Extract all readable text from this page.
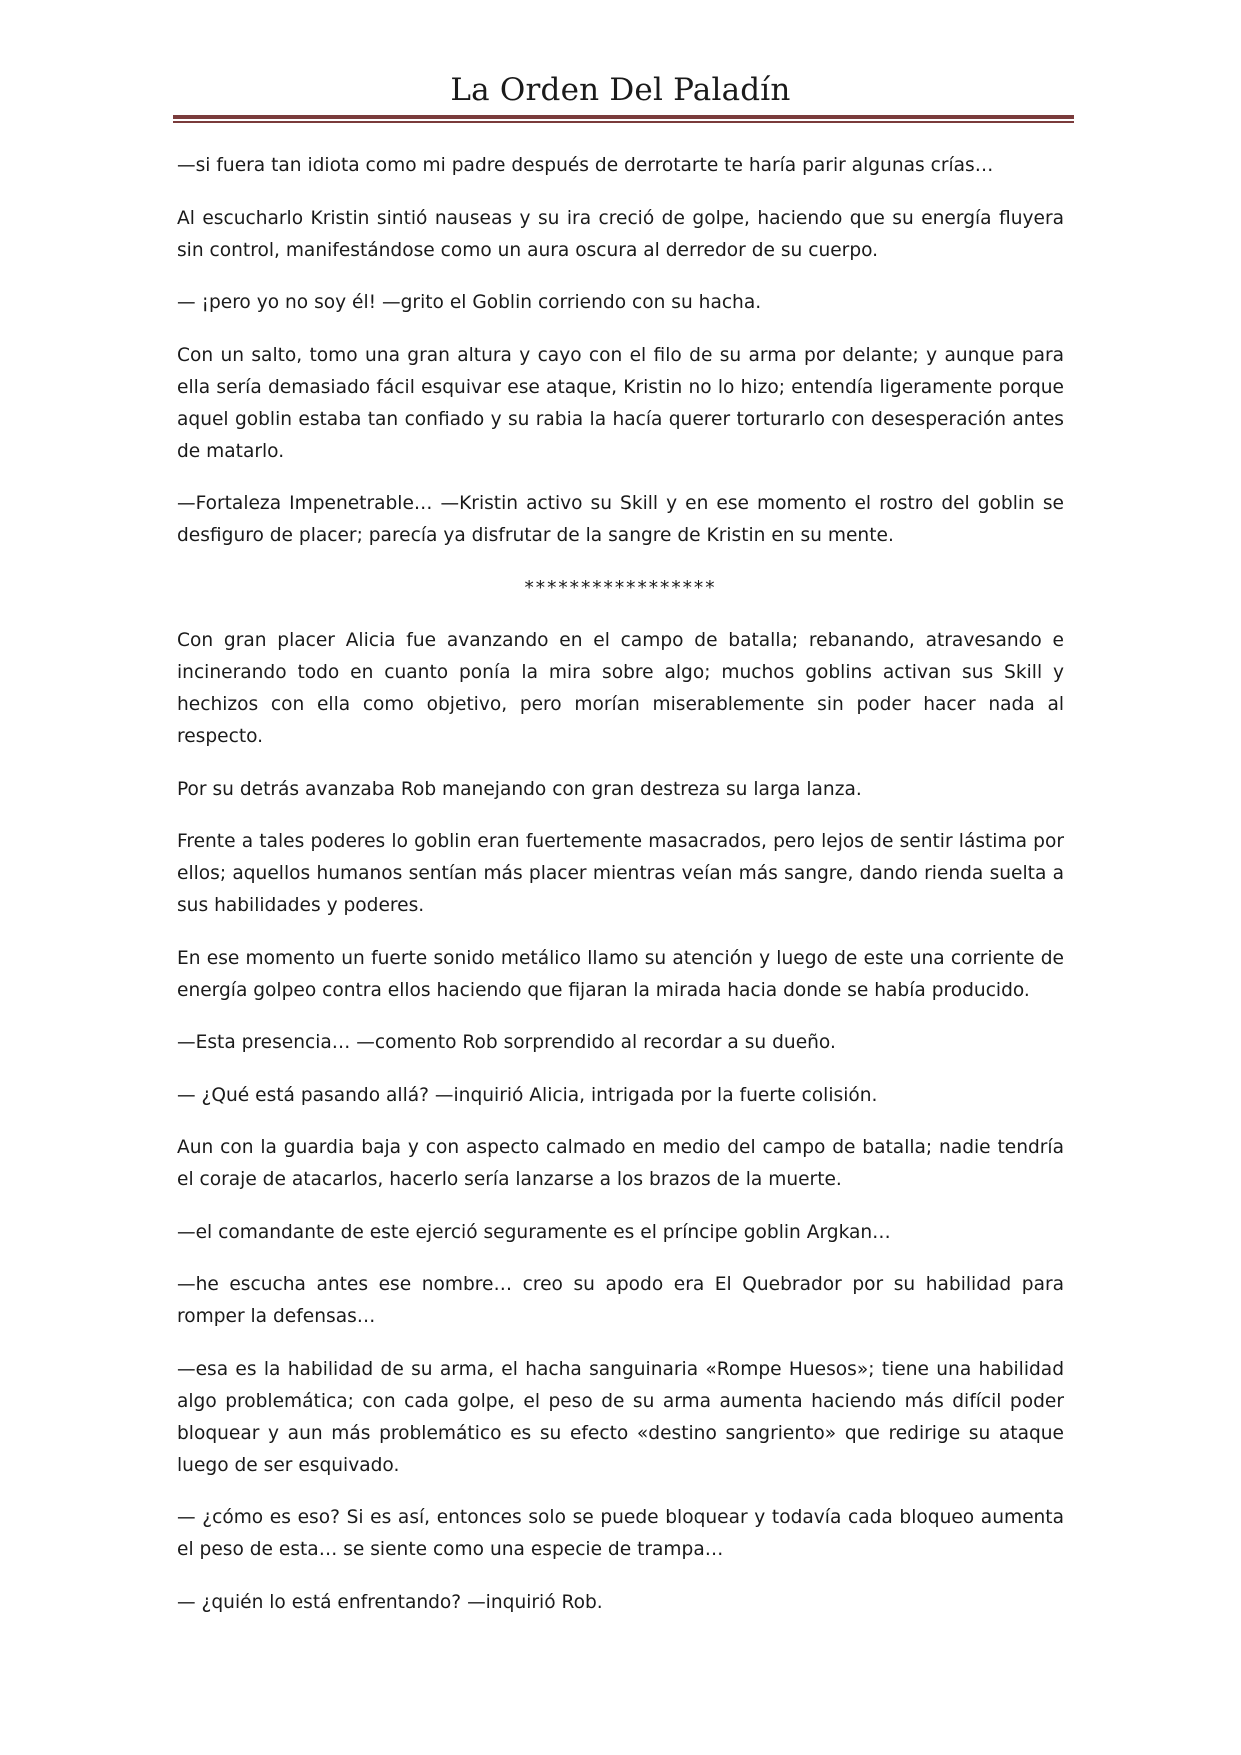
La Orden Del Paladín

—si fuera tan idiota como mi padre después de derrotarte te haría parir algunas crías…

Al escucharlo Kristin sintió nauseas y su ira creció de golpe, haciendo que su energía fluyera sin control, manifestándose como un aura oscura al derredor de su cuerpo.

— ¡pero yo no soy él! —grito el Goblin corriendo con su hacha.

Con un salto, tomo una gran altura y cayo con el filo de su arma por delante; y aunque para ella sería demasiado fácil esquivar ese ataque, Kristin no lo hizo; entendía ligeramente porque aquel goblin estaba tan confiado y su rabia la hacía querer torturarlo con desesperación antes de matarlo.

—Fortaleza Impenetrable… —Kristin activo su Skill y en ese momento el rostro del goblin se desfiguro de placer; parecía ya disfrutar de la sangre de Kristin en su mente.

*****************

Con gran placer Alicia fue avanzando en el campo de batalla; rebanando, atravesando e incinerando todo en cuanto ponía la mira sobre algo; muchos goblins activan sus Skill y hechizos con ella como objetivo, pero morían miserablemente sin poder hacer nada al respecto.

Por su detrás avanzaba Rob manejando con gran destreza su larga lanza.

Frente a tales poderes lo goblin eran fuertemente masacrados, pero lejos de sentir lástima por ellos; aquellos humanos sentían más placer mientras veían más sangre, dando rienda suelta a sus habilidades y poderes.

En ese momento un fuerte sonido metálico llamo su atención y luego de este una corriente de energía golpeo contra ellos haciendo que fijaran la mirada hacia donde se había producido.

—Esta presencia… —comento Rob sorprendido al recordar a su dueño.

— ¿Qué está pasando allá? —inquirió Alicia, intrigada por la fuerte colisión.

Aun con la guardia baja y con aspecto calmado en medio del campo de batalla; nadie tendría el coraje de atacarlos, hacerlo sería lanzarse a los brazos de la muerte.

—el comandante de este ejerció seguramente es el príncipe goblin Argkan…

—he escucha antes ese nombre… creo su apodo era El Quebrador por su habilidad para romper la defensas…

—esa es la habilidad de su arma, el hacha sanguinaria «Rompe Huesos»; tiene una habilidad algo problemática; con cada golpe, el peso de su arma aumenta haciendo más difícil poder bloquear y aun más problemático es su efecto «destino sangriento» que redirige su ataque luego de ser esquivado.

— ¿cómo es eso? Si es así, entonces solo se puede bloquear y todavía cada bloqueo aumenta el peso de esta… se siente como una especie de trampa…

— ¿quién lo está enfrentando? —inquirió Rob.
